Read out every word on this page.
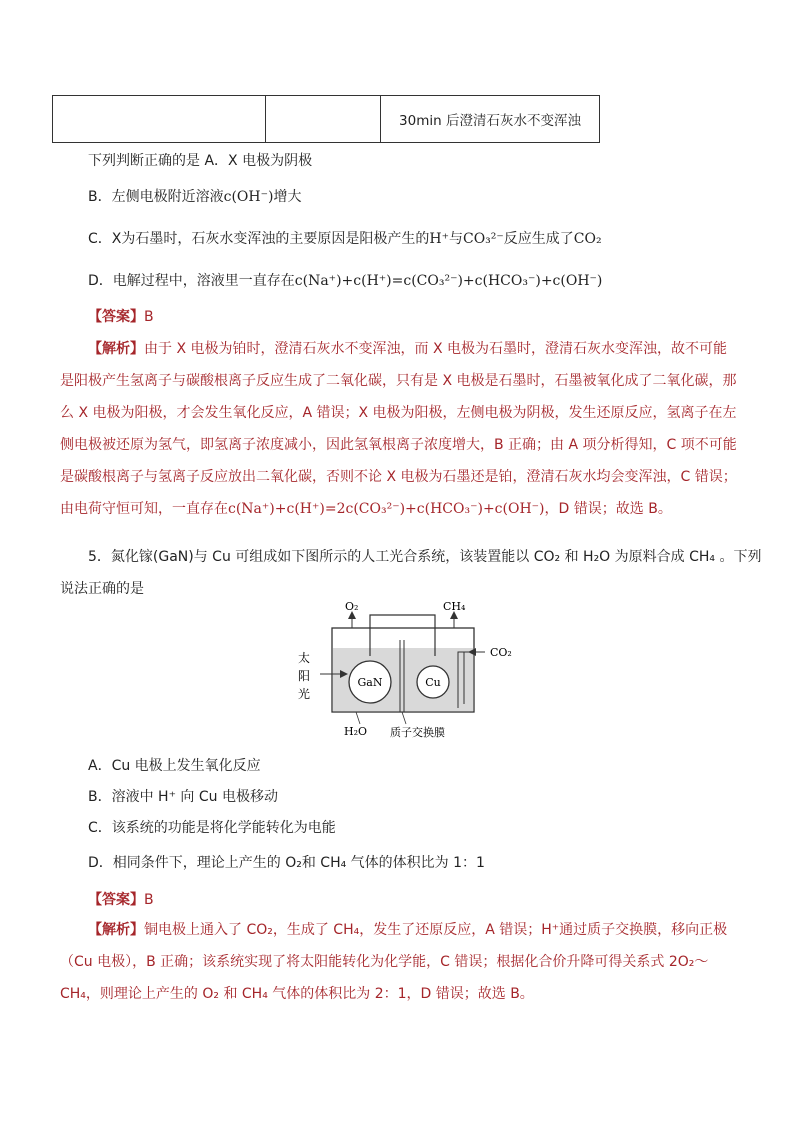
		30min 后澄清石灰水不变浑浊
下列判断正确的是 A．X 电极为阴极
B．左侧电极附近溶液c(OH⁻)增大
C．X为石墨时，石灰水变浑浊的主要原因是阳极产生的H⁺与CO₃²⁻反应生成了CO₂
D．电解过程中，溶液里一直存在c(Na⁺)+c(H⁺)=c(CO₃²⁻)+c(HCO₃⁻)+c(OH⁻)
【答案】B
【解析】由于 X 电极为铂时，澄清石灰水不变浑浊，而 X 电极为石墨时，澄清石灰水变浑浊，故不可能是阳极产生氢离子与碳酸根离子反应生成了二氧化碳，只有是 X 电极是石墨时，石墨被氧化成了二氧化碳，那么 X 电极为阳极，才会发生氧化反应，A 错误；X 电极为阳极，左侧电极为阴极，发生还原反应，氢离子在左侧电极被还原为氢气，即氢离子浓度减小，因此氢氧根离子浓度增大，B 正确；由 A 项分析得知，C 项不可能是碳酸根离子与氢离子反应放出二氧化碳，否则不论 X 电极为石墨还是铂，澄清石灰水均会变浑浊，C 错误；由电荷守恒可知，一直存在c(Na⁺)+c(H⁺)=2c(CO₃²⁻)+c(HCO₃⁻)+c(OH⁻)，D 错误；故选 B。
5．氮化镓(GaN)与 Cu 可组成如下图所示的人工光合系统，该装置能以 CO₂ 和 H₂O 为原料合成 CH₄ 。下列
说法正确的是
O₂	CH₄
CO₂
太
阳
光
GaN	Cu
H₂O 质子交换膜
A．Cu 电极上发生氧化反应
B．溶液中 H⁺ 向 Cu 电极移动
C．该系统的功能是将化学能转化为电能
D．相同条件下，理论上产生的 O₂和 CH₄ 气体的体积比为 1：1
【答案】B
【解析】铜电极上通入了 CO₂，生成了 CH₄，发生了还原反应，A 错误；H⁺通过质子交换膜，移向正极（Cu 电极），B 正确；该系统实现了将太阳能转化为化学能，C 错误；根据化合价升降可得关系式 2O₂～CH₄，则理论上产生的 O₂ 和 CH₄ 气体的体积比为 2：1，D 错误；故选 B。
